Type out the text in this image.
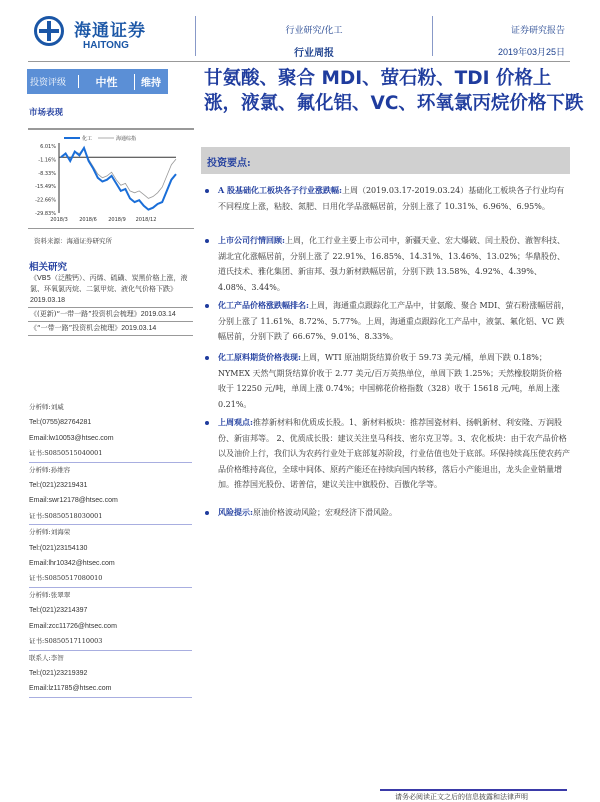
海通证券
HAITONG
行业研究/化工
行业周报
证券研究报告
2019年03月25日
投资评级	中性	维持	甘氨酸、聚合 MDI、萤石粉、TDI 价格上涨，液氯、氟化铝、VC、环氧氯丙烷价格下跌
市场表现
6.01%
-1.16%
-8.33%
-15.49%
-22.66%
-29.83%
2018/3 2018/6 2018/9 2018/12
化工	海通综指
资料来源：海通证券研究所
相关研究
《VB5（泛酸钙）、丙烯、硫磺、炭黑价格上涨，液氯、环氧氯丙烷、二氯甲烷、液化气价格下跌》2019.03.18
《(更新)“一带一路”投资机会梳理》2019.03.14
《“一带一路”投资机会梳理》2019.03.14
分析师:刘威
Tel:(0755)82764281
Email:lw10053@htsec.com
证书:S0850515040001
分析师:孙维容
Tel:(021)23219431
Email:swr12178@htsec.com
证书:S0850518030001
分析师:刘海荣
Tel:(021)23154130
Email:lhr10342@htsec.com
证书:S0850517080010
分析师:张翠翠
Tel:(021)23214397
Email:zcc11726@htsec.com
证书:S0850517110003
联系人:李智
Tel:(021)23219392
Email:lz11785@htsec.com
投资要点:
A 股基础化工板块各子行业涨跌幅:上周（2019.03.17-2019.03.24）基础化工板块各子行业均有不同程度上涨，粘胶、氮肥、日用化学品涨幅居前，分别上涨了 10.31%、6.96%、6.95%。
上市公司行情回顾:上周，化工行业主要上市公司中，新疆天业、宏大爆破、闰土股份、澈智科技、湖北宜化涨幅居前，分别上涨了 22.91%、16.85%、14.31%、13.46%、13.02%；华鼎股份、道氏技术、雅化集团、新宙邦、强力新材跌幅居前，分别下跌 13.58%、4.92%、4.39%、4.08%、3.44%。
化工产品价格涨跌幅排名:上周，海通重点跟踪化工产品中，甘氨酸、聚合 MDI、萤石粉涨幅居前，分别上涨了 11.61%、8.72%、5.77%。上周，海通重点跟踪化工产品中，液氯、氟化铝、VC 跌幅居前，分别下跌了 66.67%、9.01%、8.33%。
化工原料期货价格表现:上周，WTI 原油期货结算价收于 59.73 美元/桶，单周下跌 0.18%；NYMEX 天然气期货结算价收于 2.77 美元/百万英热单位，单周下跌 1.25%；天然橡胶期货价格收于 12250 元/吨，单周上涨 0.74%；中国棉花价格指数（328）收于 15618 元/吨，单周上涨 0.21%。
上周观点:推荐新材料和优质成长股。1、新材料板块：推荐国瓷材料、扬帆新材、利安隆、万润股份、新宙邦等。 2、优质成长股：建议关注皇马科技、密尔克卫等。3、农化板块：由于农产品价格以及油价上行，我们认为农药行业处于底部复苏阶段，行业估值也处于底部。环保持续高压使农药产品价格维持高位，全球中间体、原药产能还在持续向国内转移，落后小产能退出，龙头企业销量增加。推荐国光股份、诺普信，建议关注中旗股份、百傲化学等。
风险提示:原油价格波动风险；宏观经济下滑风险。
请务必阅读正文之后的信息披露和法律声明
